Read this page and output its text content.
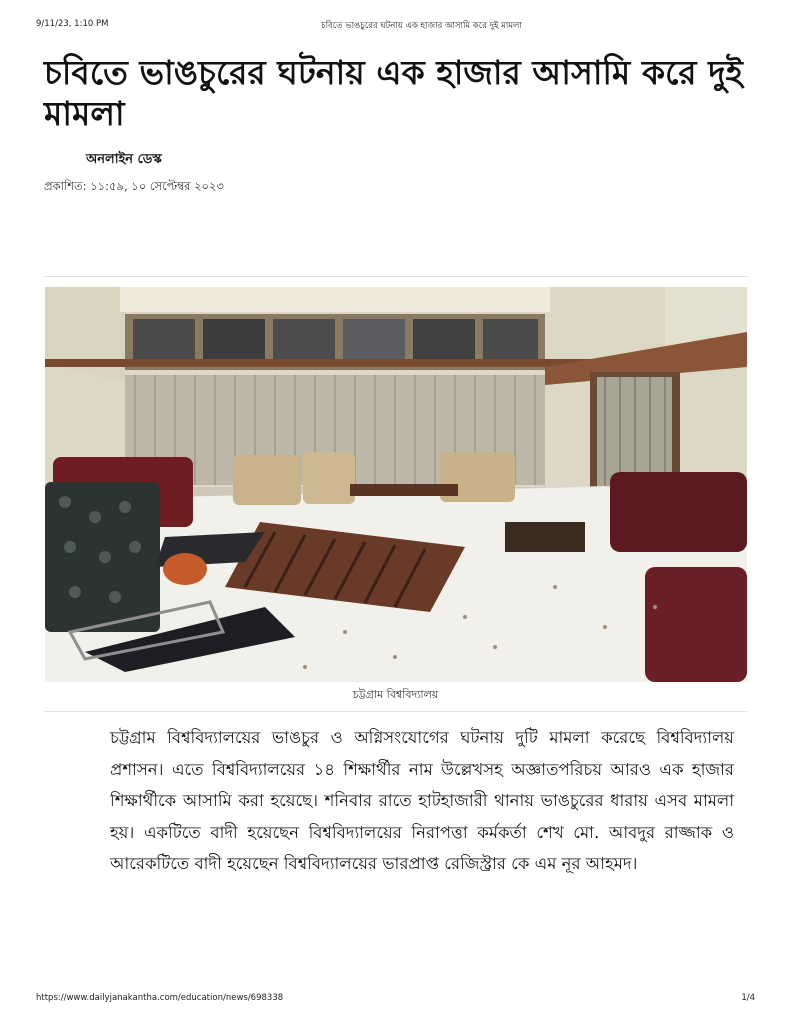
9/11/23, 1:10 PM	চবিতে ভাঙচুরের ঘটনায় এক হাজার আসামি করে দুই মামলা
চবিতে ভাঙচুরের ঘটনায় এক হাজার আসামি করে দুই মামলা
অনলাইন ডেস্ক
প্রকাশিত: ১১:৫৯, ১০ সেপ্টেম্বর ২০২৩
চট্টগ্রাম বিশ্ববিদ্যালয়

চট্টগ্রাম বিশ্ববিদ্যালয়ের ভাঙচুর ও অগ্নিসংযোগের ঘটনায় দুটি মামলা করেছে বিশ্ববিদ্যালয় প্রশাসন। এতে বিশ্ববিদ্যালয়ের ১৪ শিক্ষার্থীর নাম উল্লেখসহ অজ্ঞাতপরিচয় আরও এক হাজার শিক্ষার্থীকে আসামি করা হয়েছে। শনিবার রাতে হাটহাজারী থানায় ভাঙচুরের ধারায় এসব মামলা হয়। একটিতে বাদী হয়েছেন বিশ্ববিদ্যালয়ের নিরাপত্তা কর্মকর্তা শেখ মো. আবদুর রাজ্জাক ও আরেকটিতে বাদী হয়েছেন বিশ্ববিদ্যালয়ের ভারপ্রাপ্ত রেজিস্ট্রার কে এম নূর আহমদ।

https://www.dailyjanakantha.com/education/news/698338	1/4
